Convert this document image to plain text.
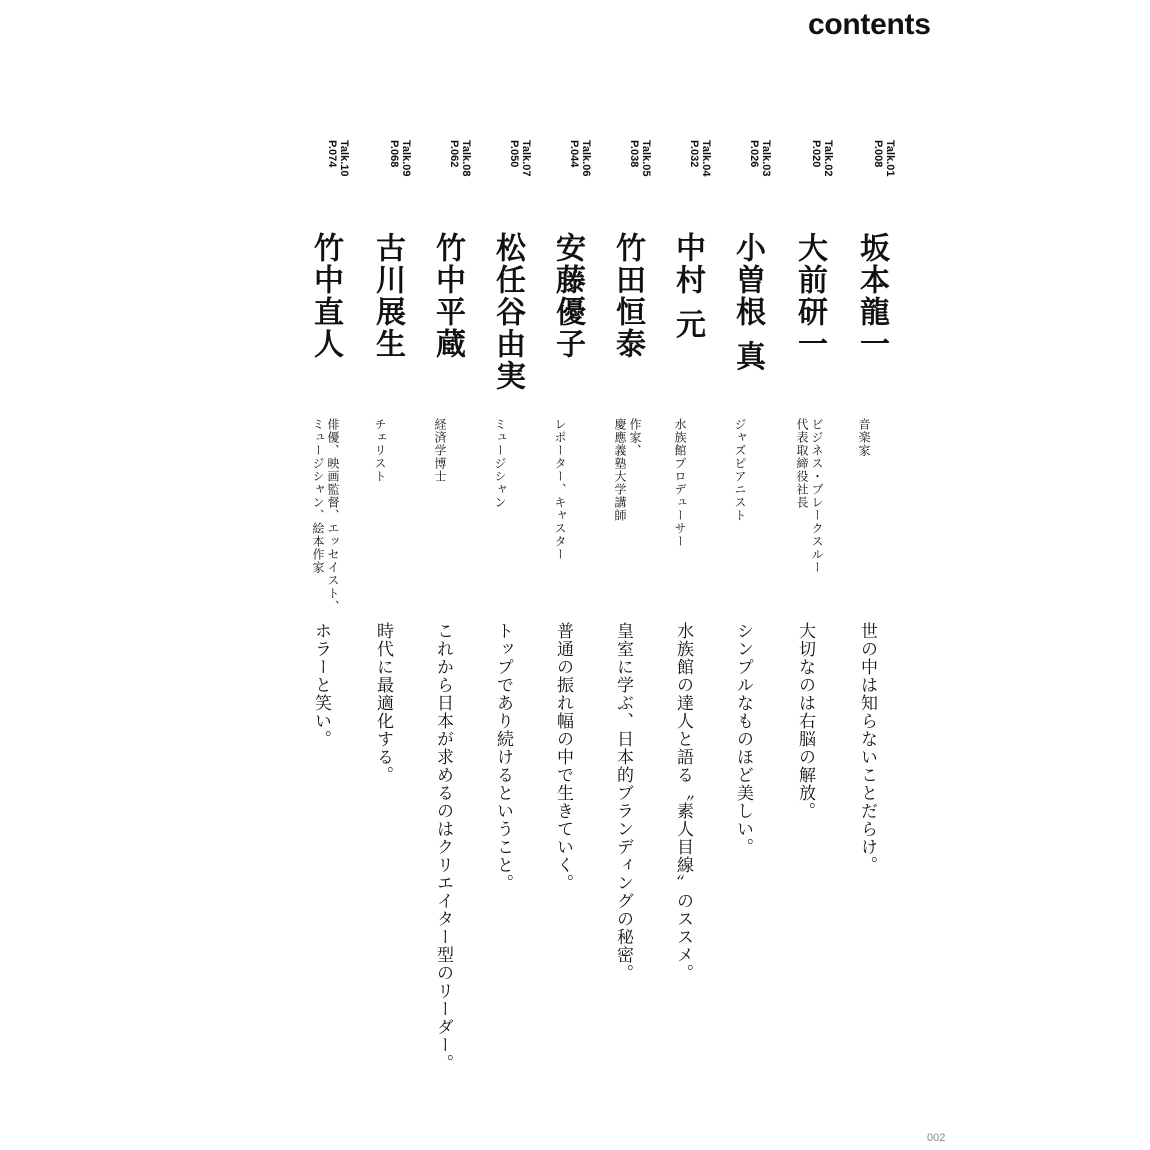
contents
Talk.01
P.008
坂本龍一
音楽家
世の中は知らないことだらけ。
Talk.02
P.020
大前研一
ビジネス・ブレークスルー
代表取締役社長
大切なのは右脳の解放。
Talk.03
P.026
小曽根 真
ジャズピアニスト
シンプルなものほど美しい。
Talk.04
P.032
中村 元
水族館プロデューサー
水族館の達人と語る〝素人目線〟のススメ。
Talk.05
P.038
竹田恒泰
作家、
慶應義塾大学講師
皇室に学ぶ、日本的ブランディングの秘密。
Talk.06
P.044
安藤優子
レポーター、キャスター
普通の振れ幅の中で生きていく。
Talk.07
P.050
松任谷由実
ミュージシャン
トップであり続けるということ。
Talk.08
P.062
竹中平蔵
経済学博士
これから日本が求めるのはクリエイター型のリーダー。
Talk.09
P.068
古川展生
チェリスト
時代に最適化する。
Talk.10
P.074
竹中直人
俳優、映画監督、エッセイスト、
ミュージシャン、絵本作家
ホラーと笑い。
002
